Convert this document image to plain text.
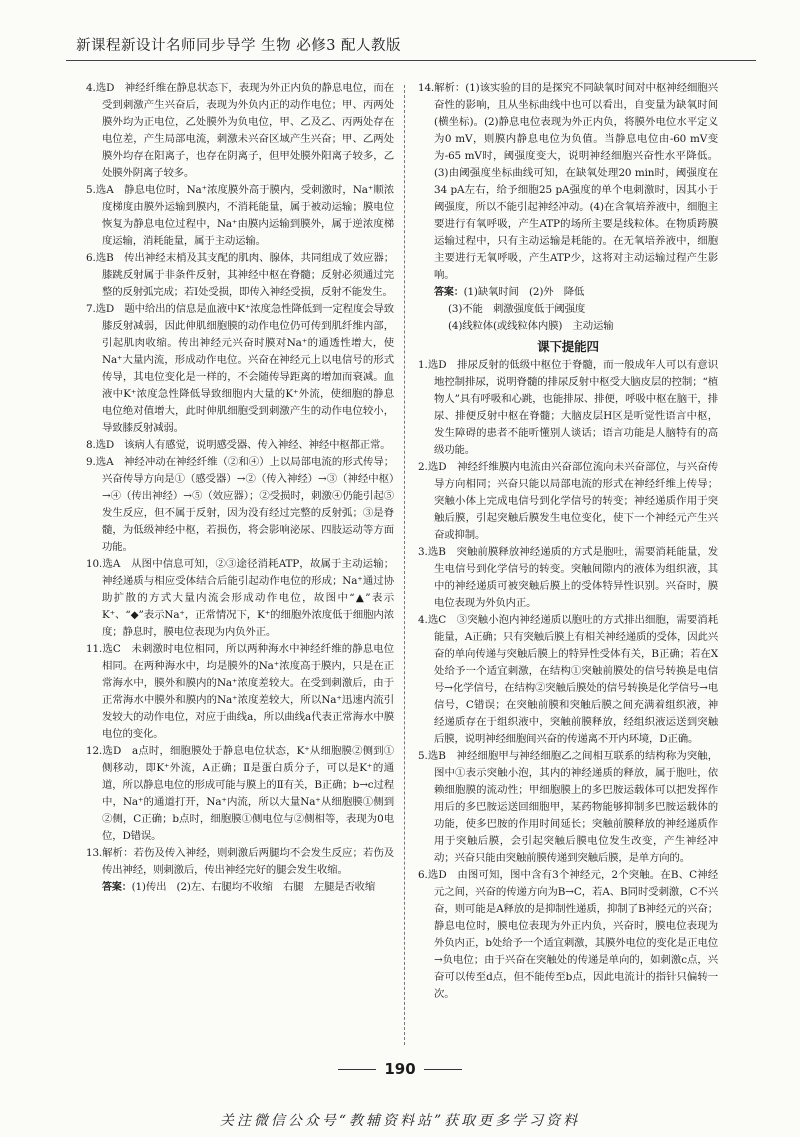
新课程新设计名师同步导学 生物 必修3 配人教版

4.选D　神经纤维在静息状态下，表现为外正内负的静息电位，而在受到刺激产生兴奋后，表现为外负内正的动作电位；甲、丙两处膜外均为正电位，乙处膜外为负电位，甲、乙及乙、丙两处存在电位差，产生局部电流，刺激未兴奋区域产生兴奋；甲、乙两处膜外均存在阳离子，也存在阴离子，但甲处膜外阳离子较多，乙处膜外阴离子较多。

5.选A　静息电位时，Na⁺浓度膜外高于膜内，受刺激时，Na⁺顺浓度梯度由膜外运输到膜内，不消耗能量，属于被动运输；膜电位恢复为静息电位过程中，Na⁺由膜内运输到膜外，属于逆浓度梯度运输，消耗能量，属于主动运输。

6.选B　传出神经末梢及其支配的肌肉、腺体，共同组成了效应器；膝跳反射属于非条件反射，其神经中枢在脊髓；反射必须通过完整的反射弧完成；若Ⅰ处受损，即传入神经受损，反射不能发生。

7.选D　题中给出的信息是血液中K⁺浓度急性降低到一定程度会导致膝反射减弱，因此伸肌细胞膜的动作电位仍可传到肌纤维内部，引起肌肉收缩。传出神经元兴奋时膜对Na⁺的通透性增大，使Na⁺大量内流，形成动作电位。兴奋在神经元上以电信号的形式传导，其电位变化是一样的，不会随传导距离的增加而衰减。血液中K⁺浓度急性降低导致细胞内大量的K⁺外流，使细胞的静息电位绝对值增大，此时伸肌细胞受到刺激产生的动作电位较小，导致膝反射减弱。

8.选D　该病人有感觉，说明感受器、传入神经、神经中枢都正常。

9.选A　神经冲动在神经纤维（②和④）上以局部电流的形式传导；兴奋传导方向是①（感受器）→②（传入神经）→③（神经中枢）→④（传出神经）→⑤（效应器）；②受损时，刺激④仍能引起⑤发生反应，但不属于反射，因为没有经过完整的反射弧；③是脊髓，为低级神经中枢，若损伤，将会影响泌尿、四肢运动等方面功能。

10.选A　从图中信息可知，②③途径消耗ATP，故属于主动运输；神经递质与相应受体结合后能引起动作电位的形成；Na⁺通过协助扩散的方式大量内流会形成动作电位，故图中“▲”表示K⁺、“◆”表示Na⁺，正常情况下，K⁺的细胞外浓度低于细胞内浓度；静息时，膜电位表现为内负外正。

11.选C　未刺激时电位相同，所以两种海水中神经纤维的静息电位相同。在两种海水中，均是膜外的Na⁺浓度高于膜内，只是在正常海水中，膜外和膜内的Na⁺浓度差较大。在受到刺激后，由于正常海水中膜外和膜内的Na⁺浓度差较大，所以Na⁺迅速内流引发较大的动作电位，对应于曲线a，所以曲线a代表正常海水中膜电位的变化。

12.选D　a点时，细胞膜处于静息电位状态，K⁺从细胞膜②侧到①侧移动，即K⁺外流，A正确；Ⅱ是蛋白质分子，可以是K⁺的通道，所以静息电位的形成可能与膜上的Ⅱ有关，B正确；b→c过程中，Na⁺的通道打开，Na⁺内流，所以大量Na⁺从细胞膜①侧到②侧，C正确；b点时，细胞膜①侧电位与②侧相等，表现为0电位，D错误。

13.解析：若伤及传入神经，则刺激后两腿均不会发生反应；若伤及传出神经，则刺激后，传出神经完好的腿会发生收缩。

答案：(1)传出　(2)左、右腿均不收缩　右腿　左腿是否收缩

14.解析：(1)该实验的目的是探究不同缺氧时间对中枢神经细胞兴奋性的影响，且从坐标曲线中也可以看出，自变量为缺氧时间(横坐标)。(2)静息电位表现为外正内负，将膜外电位水平定义为0 mV，则膜内静息电位为负值。当静息电位由-60 mV变为-65 mV时，阈强度变大，说明神经细胞兴奋性水平降低。(3)由阈强度坐标曲线可知，在缺氧处理20 min时，阈强度在34 pA左右，给予细胞25 pA强度的单个电刺激时，因其小于阈强度，所以不能引起神经冲动。(4)在含氧培养液中，细胞主要进行有氧呼吸，产生ATP的场所主要是线粒体。在物质跨膜运输过程中，只有主动运输是耗能的。在无氧培养液中，细胞主要进行无氧呼吸，产生ATP少，这将对主动运输过程产生影响。

答案：(1)缺氧时间　(2)外　降低
(3)不能　刺激强度低于阈强度
(4)线粒体(或线粒体内膜)　主动运输
课下提能四

1.选D　排尿反射的低级中枢位于脊髓，而一般成年人可以有意识地控制排尿，说明脊髓的排尿反射中枢受大脑皮层的控制；“植物人”具有呼吸和心跳，也能排尿、排便，呼吸中枢在脑干，排尿、排便反射中枢在脊髓；大脑皮层H区是听觉性语言中枢，发生障碍的患者不能听懂别人谈话；语言功能是人脑特有的高级功能。

2.选D　神经纤维膜内电流由兴奋部位流向未兴奋部位，与兴奋传导方向相同；兴奋只能以局部电流的形式在神经纤维上传导；突触小体上完成电信号到化学信号的转变；神经递质作用于突触后膜，引起突触后膜发生电位变化，使下一个神经元产生兴奋或抑制。

3.选B　突触前膜释放神经递质的方式是胞吐，需要消耗能量，发生电信号到化学信号的转变。突触间隙内的液体为组织液，其中的神经递质可被突触后膜上的受体特异性识别。兴奋时，膜电位表现为外负内正。

4.选C　③突触小泡内神经递质以胞吐的方式排出细胞，需要消耗能量，A正确；只有突触后膜上有相关神经递质的受体，因此兴奋的单向传递与突触后膜上的特异性受体有关，B正确；若在X处给予一个适宜刺激，在结构①突触前膜处的信号转换是电信号→化学信号，在结构②突触后膜处的信号转换是化学信号→电信号，C错误；在突触前膜和突触后膜之间充满着组织液，神经递质存在于组织液中，突触前膜释放，经组织液运送到突触后膜，说明神经细胞间兴奋的传递离不开内环境，D正确。

5.选B　神经细胞甲与神经细胞乙之间相互联系的结构称为突触，图中①表示突触小泡，其内的神经递质的释放，属于胞吐，依赖细胞膜的流动性；甲细胞膜上的多巴胺运载体可以把发挥作用后的多巴胺运送回细胞甲，某药物能够抑制多巴胺运载体的功能，使多巴胺的作用时间延长；突触前膜释放的神经递质作用于突触后膜，会引起突触后膜电位发生改变，产生神经冲动；兴奋只能由突触前膜传递到突触后膜，是单方向的。

6.选D　由图可知，图中含有3个神经元，2个突触。在B、C神经元之间，兴奋的传递方向为B→C，若A、B同时受刺激，C不兴奋，则可能是A释放的是抑制性递质，抑制了B神经元的兴奋；静息电位时，膜电位表现为外正内负，兴奋时，膜电位表现为外负内正，b处给予一个适宜刺激，其膜外电位的变化是正电位→负电位；由于兴奋在突触处的传递是单向的，如刺激c点，兴奋可以传至d点，但不能传至b点，因此电流计的指针只偏转一次。

190
关注微信公众号“教辅资料站”获取更多学习资料
